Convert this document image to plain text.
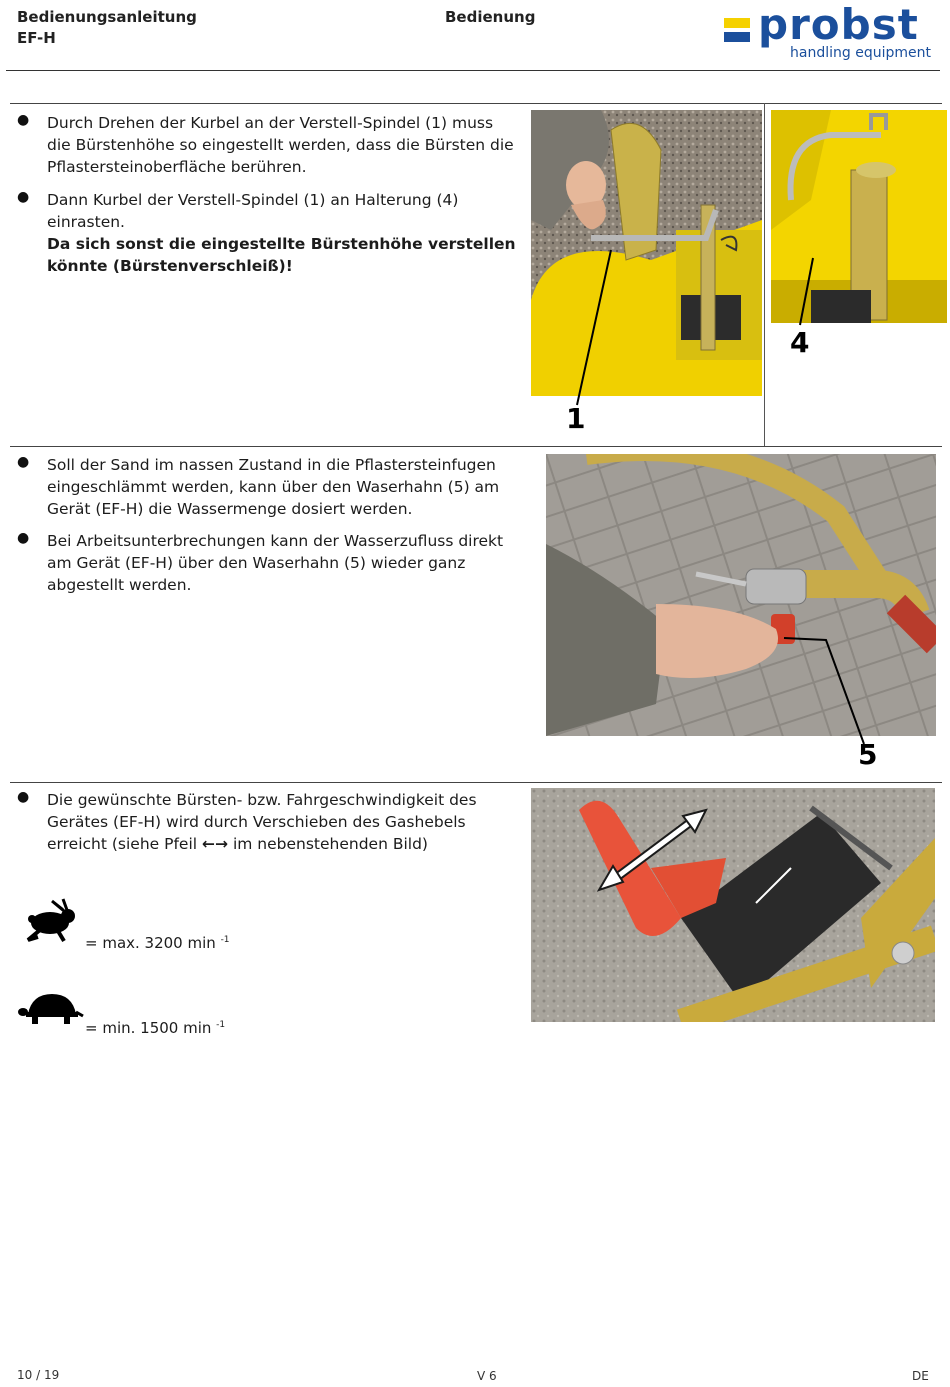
Bedienungsanleitung
EF-H
Bedienung	probst
handling equipment
● Durch Drehen der Kurbel an der Verstell-Spindel (1) muss die Bürstenhöhe so eingestellt werden, dass die Bürsten die Pflastersteinoberfläche berühren.
● Dann Kurbel der Verstell-Spindel (1) an Halterung (4) einrasten.
Da sich sonst die eingestellte Bürstenhöhe verstellen könnte (Bürstenverschleiß)!
1
4
● Soll der Sand im nassen Zustand in die Pflastersteinfugen eingeschlämmt werden, kann über den Waserhahn (5) am Gerät (EF-H) die Wassermenge dosiert werden.
● Bei Arbeitsunterbrechungen kann der Wasserzufluss direkt am Gerät (EF-H) über den Waserhahn (5) wieder ganz abgestellt werden.
5
● Die gewünschte Bürsten- bzw. Fahrgeschwindigkeit des Gerätes (EF-H) wird durch Verschieben des Gashebels erreicht (siehe Pfeil ←→ im nebenstehenden Bild)
= max. 3200 min $^{-1}$
= min. 1500 min $^{-1}$
10 / 19	V 6	DE
